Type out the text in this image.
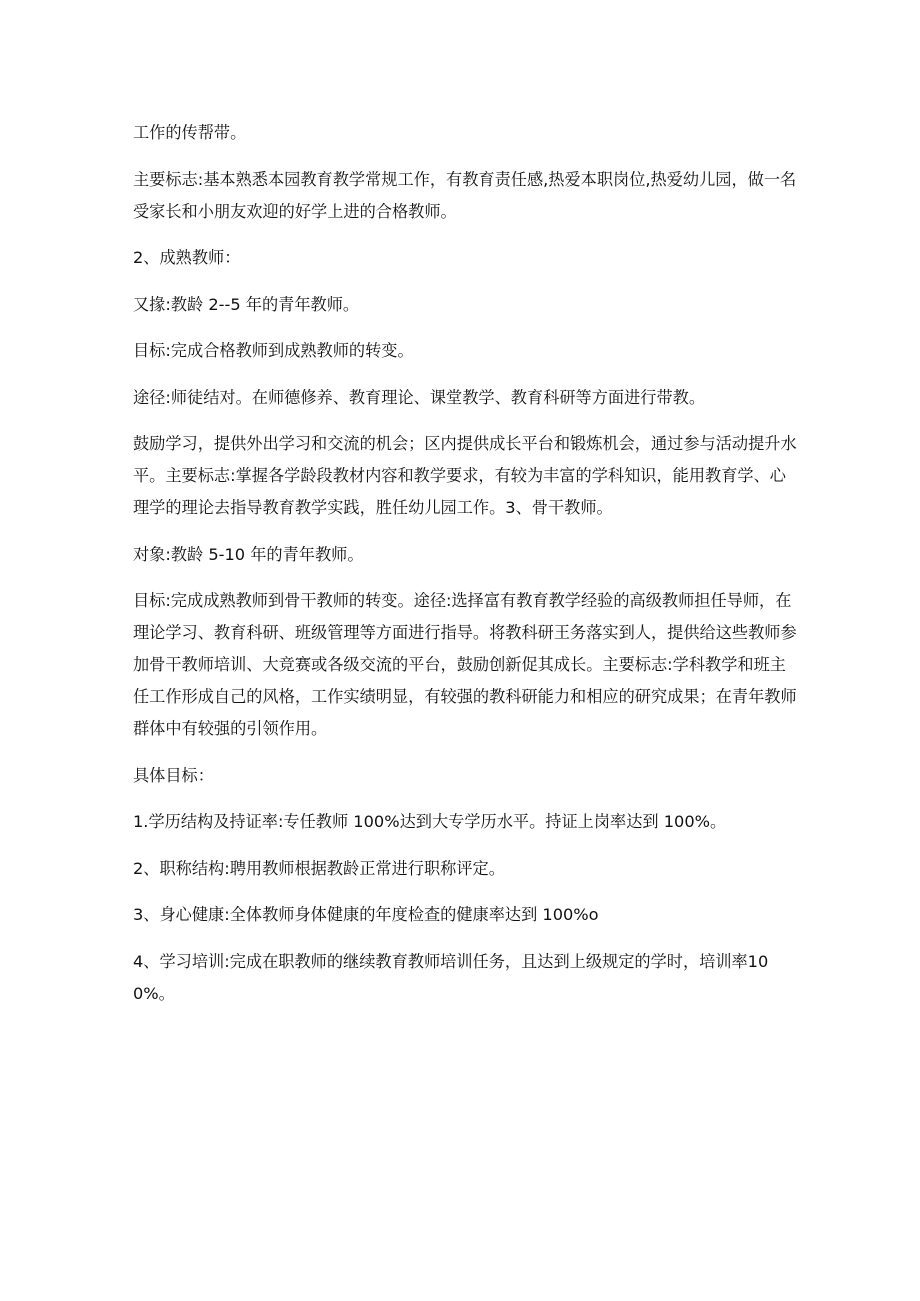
工作的传帮带。

主要标志:基本熟悉本园教育教学常规工作，有教育责任感,热爱本职岗位,热爱幼儿园，做一名受家长和小朋友欢迎的好学上进的合格教师。

2、成熟教师：

又掾:教龄 2--5 年的青年教师。

目标:完成合格教师到成熟教师的转变。

途径:师徒结对。在师德修养、教育理论、课堂教学、教育科研等方面进行带教。

鼓励学习，提供外出学习和交流的机会；区内提供成长平台和锻炼机会，通过参与活动提升水平。主要标志:掌握各学龄段教材内容和教学要求，有较为丰富的学科知识，能用教育学、心理学的理论去指导教育教学实践，胜任幼儿园工作。3、骨干教师。

对象:教龄 5-10 年的青年教师。

目标:完成成熟教师到骨干教师的转变。途径:选择富有教育教学经验的高级教师担任导师，在理论学习、教育科研、班级管理等方面进行指导。将教科研王务落实到人，提供给这些教师参加骨干教师培训、大竞赛或各级交流的平台，鼓励创新促其成长。主要标志:学科教学和班主任工作形成自己的风格，工作实绩明显，有较强的教科研能力和相应的研究成果；在青年教师群体中有较强的引领作用。

具体目标：

1.学历结构及持证率:专任教师 100%达到大专学历水平。持证上岗率达到 100%。

2、职称结构:聘用教师根据教龄正常进行职称评定。

3、身心健康:全体教师身体健康的年度检查的健康率达到 100%o

4、学习培训:完成在职教师的继续教育教师培训任务，且达到上级规定的学时，培训率100%。
